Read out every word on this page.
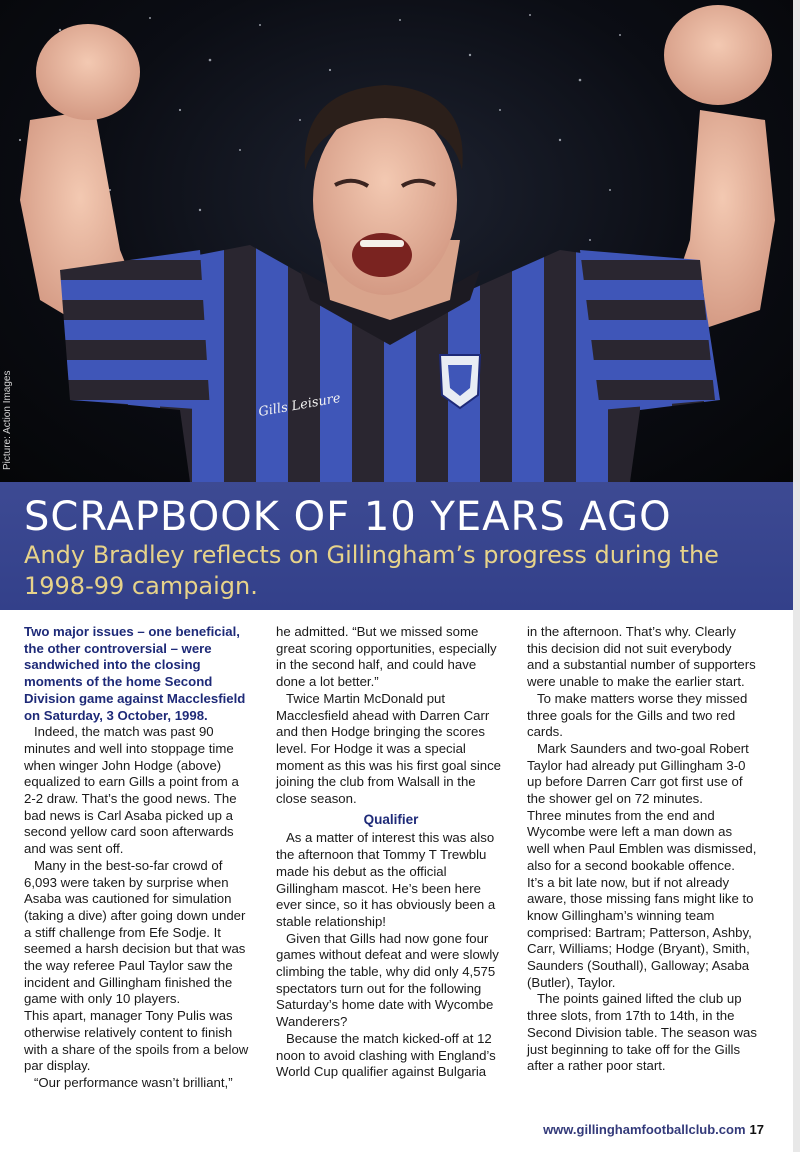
Picture: Action Images	Gills Leisure
SCRAPBOOK OF 10 YEARS AGO

Andy Bradley reflects on Gillingham’s progress during the 1998-99 campaign.

Two major issues – one beneficial, the other controversial – were sandwiched into the closing moments of the home Second Division game against Macclesfield on Saturday, 3 October, 1998.

Indeed, the match was past 90 minutes and well into stoppage time when winger John Hodge (above) equalized to earn Gills a point from a 2-2 draw. That’s the good news. The bad news is Carl Asaba picked up a second yellow card soon afterwards and was sent off.

Many in the best-so-far crowd of 6,093 were taken by surprise when Asaba was cautioned for simulation (taking a dive) after going down under a stiff challenge from Efe Sodje. It seemed a harsh decision but that was the way referee Paul Taylor saw the incident and Gillingham finished the game with only 10 players.

This apart, manager Tony Pulis was otherwise relatively content to finish with a share of the spoils from a below par display.

“Our performance wasn’t brilliant,”

he admitted. “But we missed some great scoring opportunities, especially in the second half, and could have done a lot better.”

Twice Martin McDonald put Macclesfield ahead with Darren Carr and then Hodge bringing the scores level. For Hodge it was a special moment as this was his first goal since joining the club from Walsall in the close season.

Qualifier

As a matter of interest this was also the afternoon that Tommy T Trewblu made his debut as the official Gillingham mascot. He’s been here ever since, so it has obviously been a stable relationship!

Given that Gills had now gone four games without defeat and were slowly climbing the table, why did only 4,575 spectators turn out for the following Saturday’s home date with Wycombe Wanderers?

Because the match kicked-off at 12 noon to avoid clashing with England’s World Cup qualifier against Bulgaria

in the afternoon. That’s why. Clearly this decision did not suit everybody and a substantial number of supporters were unable to make the earlier start.

To make matters worse they missed three goals for the Gills and two red cards.

Mark Saunders and two-goal Robert Taylor had already put Gillingham 3-0 up before Darren Carr got first use of the shower gel on 72 minutes.

Three minutes from the end and Wycombe were left a man down as well when Paul Emblen was dismissed, also for a second bookable offence.

It’s a bit late now, but if not already aware, those missing fans might like to know Gillingham’s winning team comprised: Bartram; Patterson, Ashby, Carr, Williams; Hodge (Bryant), Smith, Saunders (Southall), Galloway; Asaba (Butler), Taylor.

The points gained lifted the club up three slots, from 17th to 14th, in the Second Division table. The season was just beginning to take off for the Gills after a rather poor start.

www.gillinghamfootballclub.com 17
